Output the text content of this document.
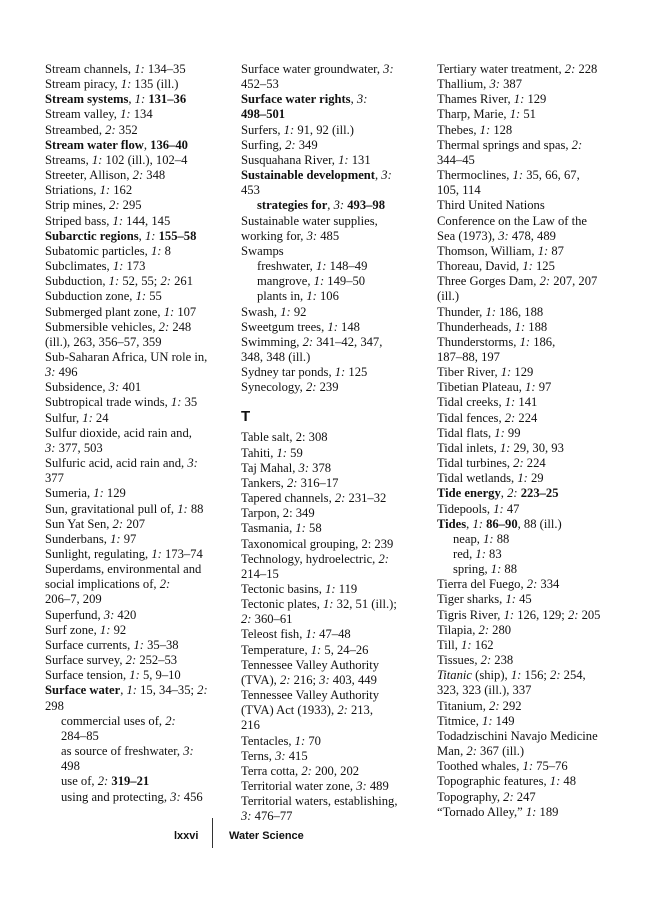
Stream channels, 1: 134–35
Stream piracy, 1: 135 (ill.)
Stream systems, 1: 131–36
Stream valley, 1: 134
Streambed, 2: 352
Stream water flow, 136–40
Streams, 1: 102 (ill.), 102–4
Streeter, Allison, 2: 348
Striations, 1: 162
Strip mines, 2: 295
Striped bass, 1: 144, 145
Subarctic regions, 1: 155–58
Subatomic particles, 1: 8
Subclimates, 1: 173
Subduction, 1: 52, 55; 2: 261
Subduction zone, 1: 55
Submerged plant zone, 1: 107
Submersible vehicles, 2: 248
(ill.), 263, 356–57, 359
Sub-Saharan Africa, UN role in,
3: 496
Subsidence, 3: 401
Subtropical trade winds, 1: 35
Sulfur, 1: 24
Sulfur dioxide, acid rain and,
3: 377, 503
Sulfuric acid, acid rain and, 3:
377
Sumeria, 1: 129
Sun, gravitational pull of, 1: 88
Sun Yat Sen, 2: 207
Sunderbans, 1: 97
Sunlight, regulating, 1: 173–74
Superdams, environmental and
social implications of, 2:
206–7, 209
Superfund, 3: 420
Surf zone, 1: 92
Surface currents, 1: 35–38
Surface survey, 2: 252–53
Surface tension, 1: 5, 9–10
Surface water, 1: 15, 34–35; 2:
298
commercial uses of, 2:
284–85
as source of freshwater, 3:
498
use of, 2: 319–21
using and protecting, 3: 456
Surface water groundwater, 3:
452–53
Surface water rights, 3:
498–501
Surfers, 1: 91, 92 (ill.)
Surfing, 2: 349
Susquahana River, 1: 131
Sustainable development, 3:
453
strategies for, 3: 493–98
Sustainable water supplies,
working for, 3: 485
Swamps
freshwater, 1: 148–49
mangrove, 1: 149–50
plants in, 1: 106
Swash, 1: 92
Sweetgum trees, 1: 148
Swimming, 2: 341–42, 347,
348, 348 (ill.)
Sydney tar ponds, 1: 125
Synecology, 2: 239
T
Table salt, 2: 308
Tahiti, 1: 59
Taj Mahal, 3: 378
Tankers, 2: 316–17
Tapered channels, 2: 231–32
Tarpon, 2: 349
Tasmania, 1: 58
Taxonomical grouping, 2: 239
Technology, hydroelectric, 2:
214–15
Tectonic basins, 1: 119
Tectonic plates, 1: 32, 51 (ill.);
2: 360–61
Teleost fish, 1: 47–48
Temperature, 1: 5, 24–26
Tennessee Valley Authority
(TVA), 2: 216; 3: 403, 449
Tennessee Valley Authority
(TVA) Act (1933), 2: 213,
216
Tentacles, 1: 70
Terns, 3: 415
Terra cotta, 2: 200, 202
Territorial water zone, 3: 489
Territorial waters, establishing,
3: 476–77
Tertiary water treatment, 2: 228
Thallium, 3: 387
Thames River, 1: 129
Tharp, Marie, 1: 51
Thebes, 1: 128
Thermal springs and spas, 2:
344–45
Thermoclines, 1: 35, 66, 67,
105, 114
Third United Nations
Conference on the Law of the
Sea (1973), 3: 478, 489
Thomson, William, 1: 87
Thoreau, David, 1: 125
Three Gorges Dam, 2: 207, 207
(ill.)
Thunder, 1: 186, 188
Thunderheads, 1: 188
Thunderstorms, 1: 186,
187–88, 197
Tiber River, 1: 129
Tibetian Plateau, 1: 97
Tidal creeks, 1: 141
Tidal fences, 2: 224
Tidal flats, 1: 99
Tidal inlets, 1: 29, 30, 93
Tidal turbines, 2: 224
Tidal wetlands, 1: 29
Tide energy, 2: 223–25
Tidepools, 1: 47
Tides, 1: 86–90, 88 (ill.)
neap, 1: 88
red, 1: 83
spring, 1: 88
Tierra del Fuego, 2: 334
Tiger sharks, 1: 45
Tigris River, 1: 126, 129; 2: 205
Tilapia, 2: 280
Till, 1: 162
Tissues, 2: 238
Titanic (ship), 1: 156; 2: 254,
323, 323 (ill.), 337
Titanium, 2: 292
Titmice, 1: 149
Todadzischini Navajo Medicine
Man, 2: 367 (ill.)
Toothed whales, 1: 75–76
Topographic features, 1: 48
Topography, 2: 247
“Tornado Alley,” 1: 189
lxxvi	Water Science
